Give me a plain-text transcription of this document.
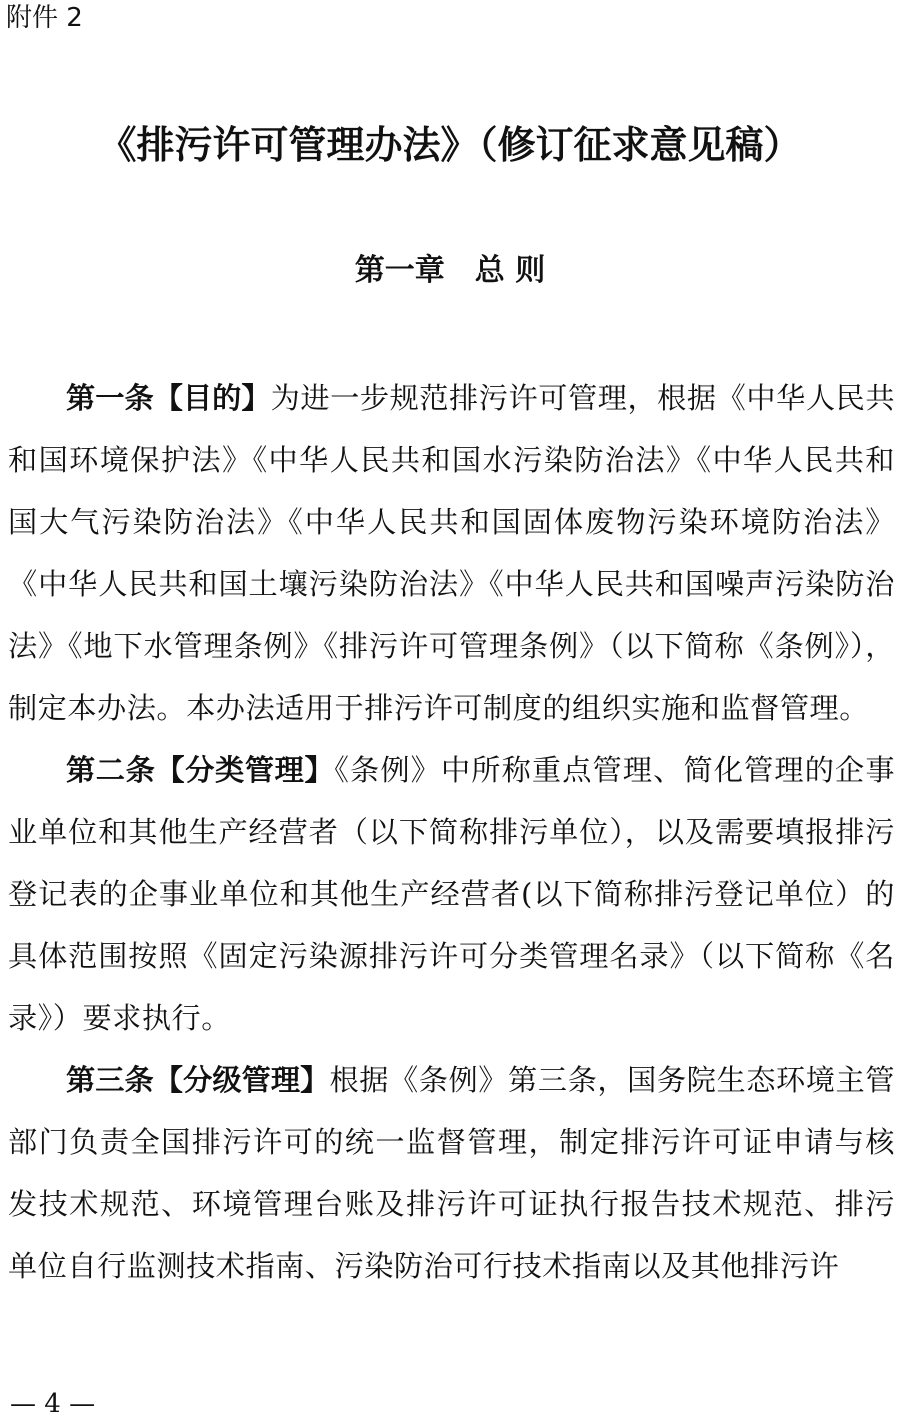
附件 2

《排污许可管理办法》（修订征求意见稿）
第一章　总 则

第一条【目的】为进一步规范排污许可管理，根据《中华人民共和国环境保护法》《中华人民共和国水污染防治法》《中华人民共和国大气污染防治法》《中华人民共和国固体废物污染环境防治法》《中华人民共和国土壤污染防治法》《中华人民共和国噪声污染防治法》《地下水管理条例》《排污许可管理条例》（以下简称《条例》），制定本办法。本办法适用于排污许可制度的组织实施和监督管理。

第二条【分类管理】《条例》中所称重点管理、简化管理的企事业单位和其他生产经营者（以下简称排污单位），以及需要填报排污登记表的企事业单位和其他生产经营者(以下简称排污登记单位）的具体范围按照《固定污染源排污许可分类管理名录》（以下简称《名录》）要求执行。

第三条【分级管理】根据《条例》第三条，国务院生态环境主管部门负责全国排污许可的统一监督管理，制定排污许可证申请与核发技术规范、环境管理台账及排污许可证执行报告技术规范、排污单位自行监测技术指南、污染防治可行技术指南以及其他排污许

— 4 —
